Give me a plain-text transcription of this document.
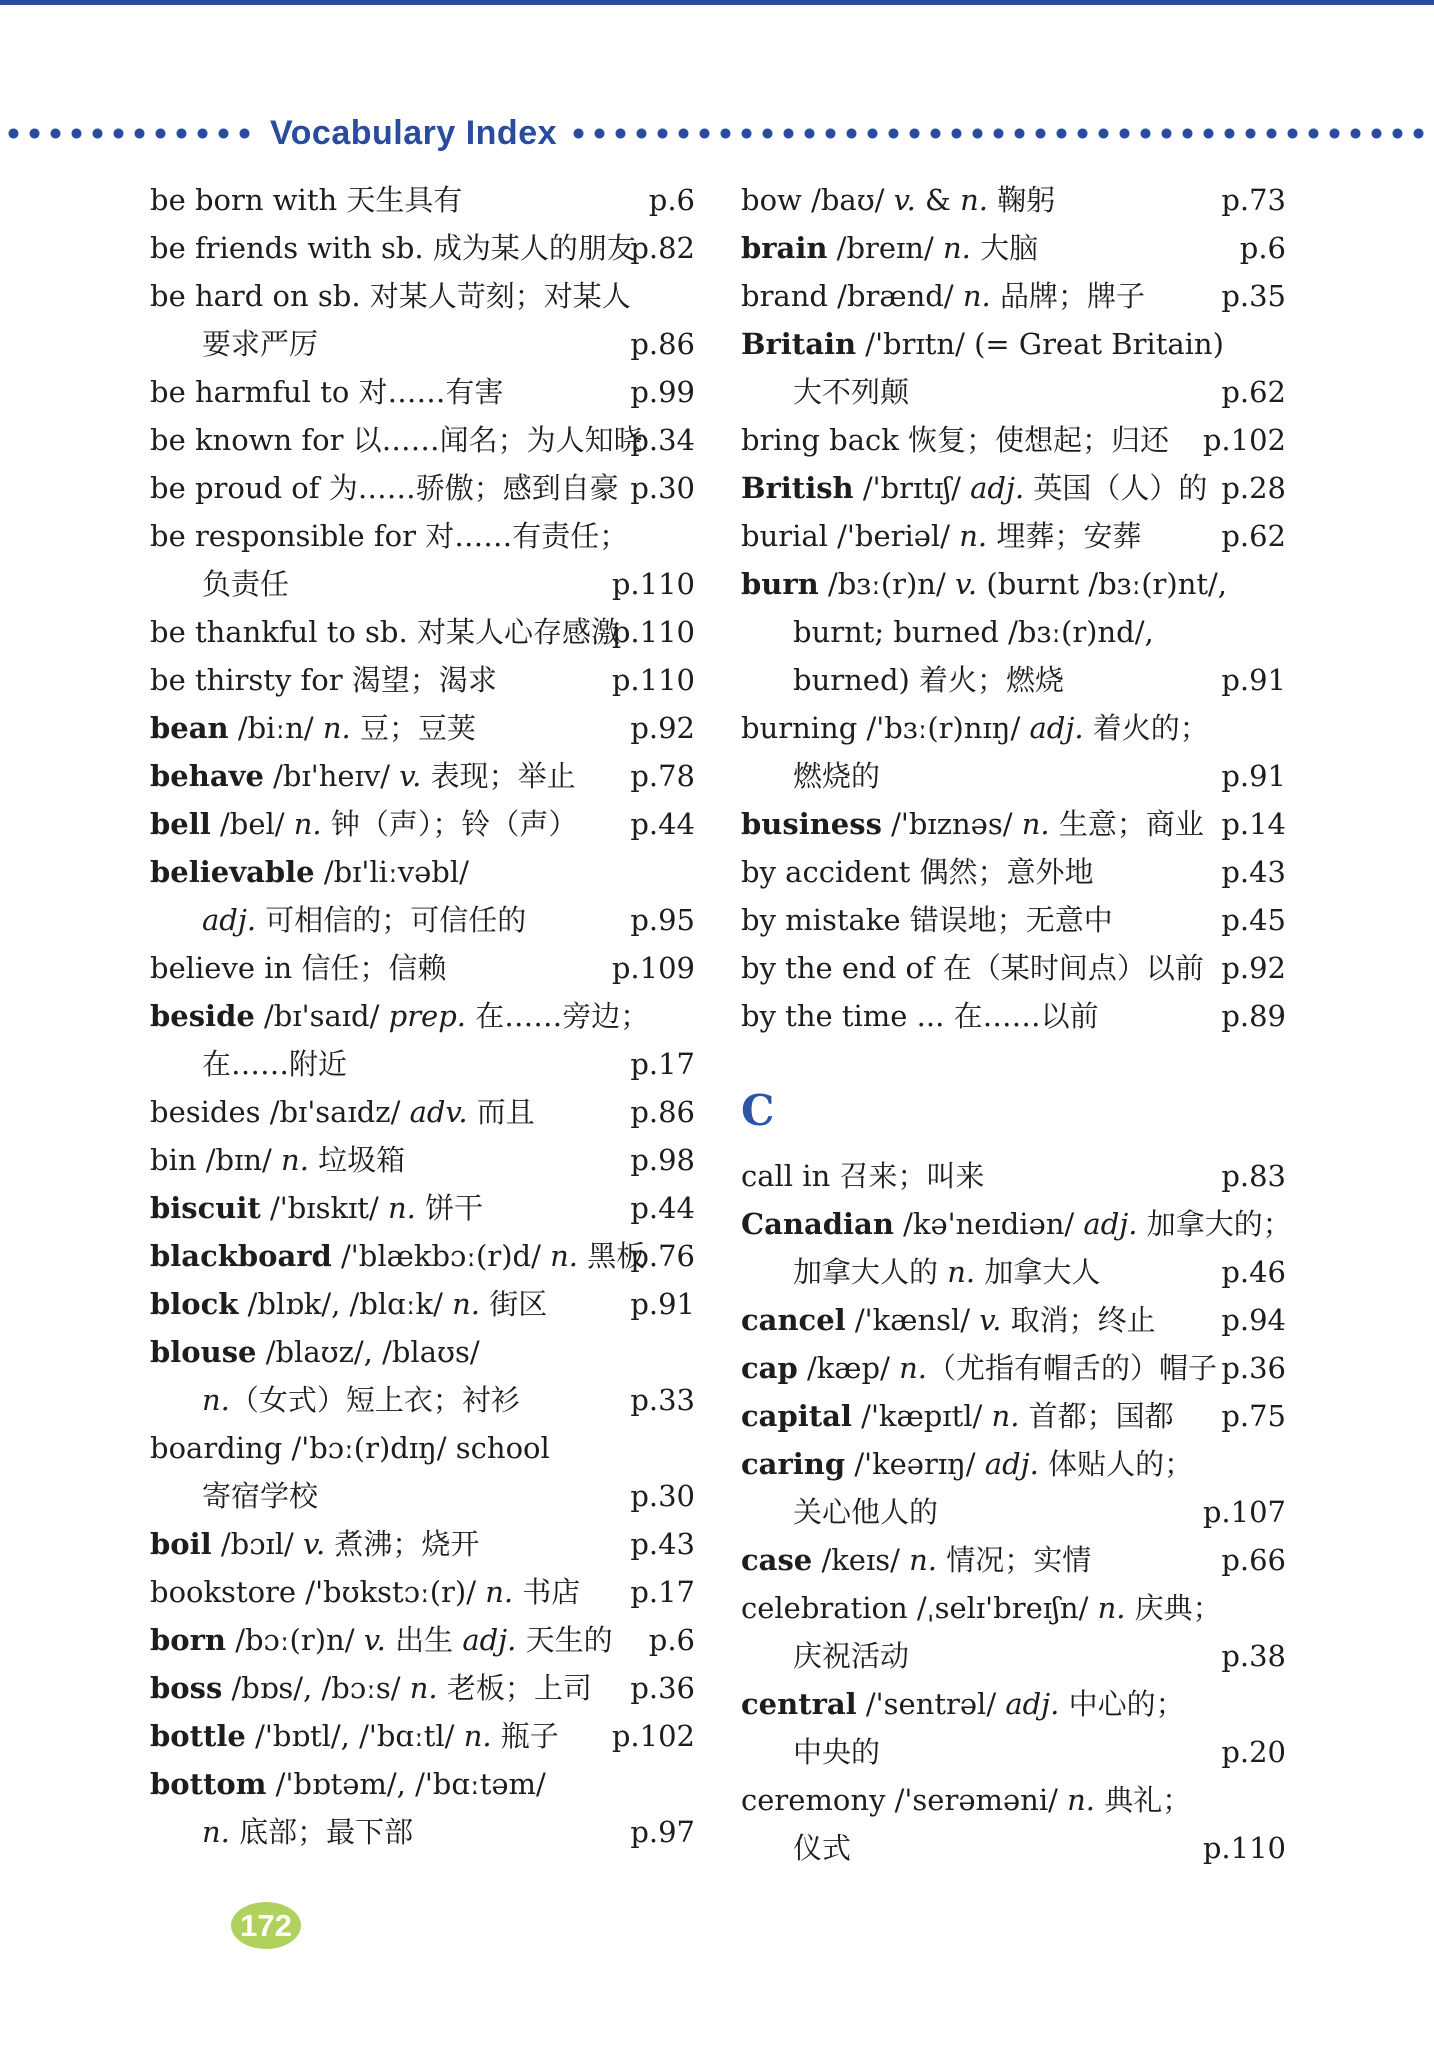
Vocabulary Index
be born with 天生具有	p.6
be friends with sb. 成为某人的朋友
p.82
be hard on sb. 对某人苛刻；对某人
要求严厉	p.86
be harmful to 对……有害	p.99
be known for 以……闻名；为人知晓
p.34
be proud of 为……骄傲；感到自豪 p.30
be responsible for 对……有责任；
负责任	p.110
be thankful to sb. 对某人心存感激
p.110
be thirsty for 渴望；渴求	p.110
bean /biːn/ n. 豆；豆荚	p.92
behave /bɪ'heɪv/ v. 表现；举止 p.78
bell /bel/ n. 钟（声）；铃（声） p.44
believable /bɪ'liːvəbl/
adj. 可相信的；可信任的	p.95
believe in 信任；信赖	p.109
beside /bɪ'saɪd/ prep. 在……旁边；
在……附近	p.17
besides /bɪ'saɪdz/ adv. 而且	p.86
bin /bɪn/ n. 垃圾箱	p.98
biscuit /'bɪskɪt/ n. 饼干	p.44
blackboard /'blækbɔː(r)d/ n. 黑板
p.76
block /blɒk/, /blɑːk/ n. 街区	p.91
blouse /blaʊz/, /blaʊs/
n.（女式）短上衣；衬衫	p.33
boarding /'bɔː(r)dɪŋ/ school
寄宿学校	p.30
boil /bɔɪl/ v. 煮沸；烧开	p.43
bookstore /'bʊkstɔː(r)/ n. 书店 p.17
born /bɔː(r)n/ v. 出生 adj. 天生的 p.6
boss /bɒs/, /bɔːs/ n. 老板；上司 p.36
bottle /'bɒtl/, /'bɑːtl/ n. 瓶子 p.102
bottom /'bɒtəm/, /'bɑːtəm/
n. 底部；最下部	p.97
bow /baʊ/ v. & n. 鞠躬	p.73
brain /breɪn/ n. 大脑	p.6
brand /brænd/ n. 品牌；牌子	p.35
Britain /'brɪtn/ (= Great Britain)
大不列颠	p.62
bring back 恢复；使想起；归还 p.102
British /'brɪtɪʃ/ adj. 英国（人）的 p.28
burial /'beriəl/ n. 埋葬；安葬	p.62
burn /bɜː(r)n/ v. (burnt /bɜː(r)nt/,
burnt; burned /bɜː(r)nd/,
burned) 着火；燃烧	p.91
burning /'bɜː(r)nɪŋ/ adj. 着火的；
燃烧的	p.91
business /'bɪznəs/ n. 生意；商业 p.14
by accident 偶然；意外地	p.43
by mistake 错误地；无意中	p.45
by the end of 在（某时间点）以前 p.92
by the time ... 在……以前	p.89
C
call in 召来；叫来	p.83
Canadian /kə'neɪdiən/ adj. 加拿大的；
加拿大人的 n. 加拿大人	p.46
cancel /'kænsl/ v. 取消；终止 p.94
cap /kæp/ n.（尤指有帽舌的）帽子 p.36
capital /'kæpɪtl/ n. 首都；国都 p.75
caring /'keərɪŋ/ adj. 体贴人的；
关心他人的	p.107
case /keɪs/ n. 情况；实情	p.66
celebration /ˌselɪ'breɪʃn/ n. 庆典；
庆祝活动	p.38
central /'sentrəl/ adj. 中心的；
中央的	p.20
ceremony /'serəməni/ n. 典礼；
仪式	p.110
172
